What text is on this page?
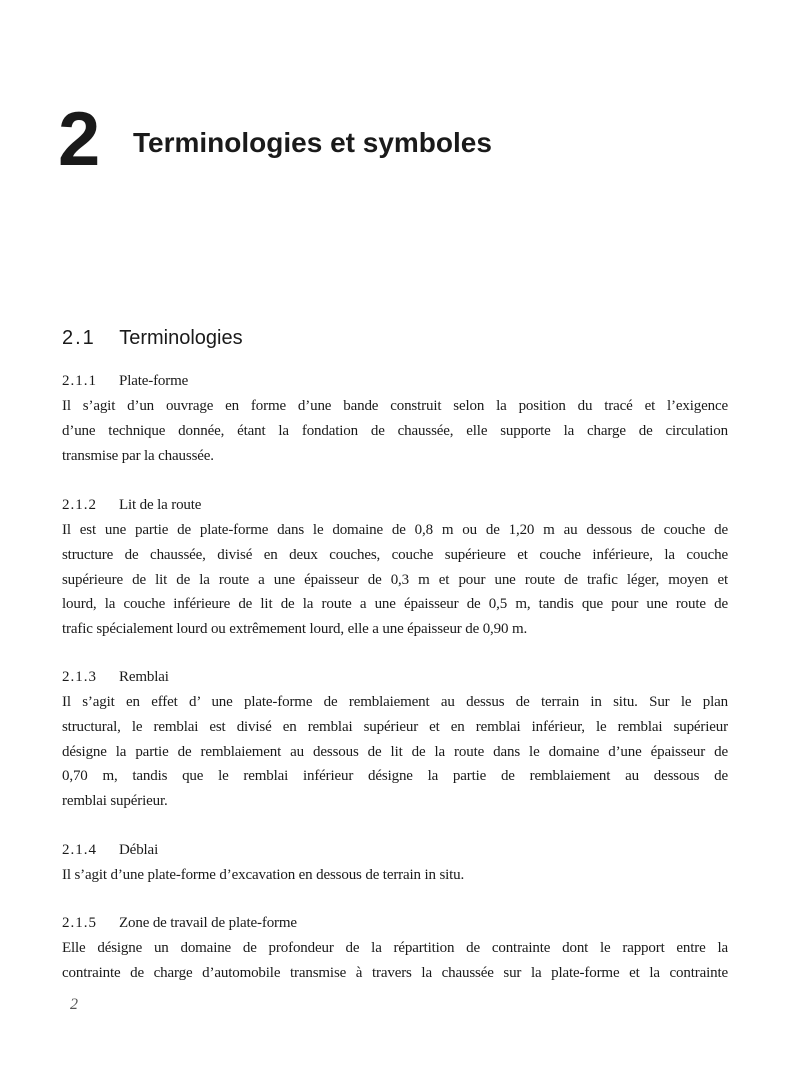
2 Terminologies et symboles
2.1 Terminologies
2.1.1 Plate-forme
Il s’agit d’un ouvrage en forme d’une bande construit selon la position du tracé et l’exigence
d’une technique donnée, étant la fondation de chaussée, elle supporte la charge de circulation
transmise par la chaussée.
2.1.2 Lit de la route
Il est une partie de plate-forme dans le domaine de 0,8 m ou de 1,20 m au dessous de couche de
structure de chaussée, divisé en deux couches, couche supérieure et couche inférieure, la couche
supérieure de lit de la route a une épaisseur de 0,3 m et pour une route de trafic léger, moyen et
lourd, la couche inférieure de lit de la route a une épaisseur de 0,5 m, tandis que pour une route de
trafic spécialement lourd ou extrêmement lourd, elle a une épaisseur de 0,90 m.
2.1.3 Remblai
Il s’agit en effet d’ une plate-forme de remblaiement au dessus de terrain in situ. Sur le plan
structural, le remblai est divisé en remblai supérieur et en remblai inférieur, le remblai supérieur
désigne la partie de remblaiement au dessous de lit de la route dans le domaine d’une épaisseur de
0,70 m, tandis que le remblai inférieur désigne la partie de remblaiement au dessous de
remblai supérieur.
2.1.4 Déblai
Il s’agit d’une plate-forme d’excavation en dessous de terrain in situ.
2.1.5 Zone de travail de plate-forme
Elle désigne un domaine de profondeur de la répartition de contrainte dont le rapport entre la
contrainte de charge d’automobile transmise à travers la chaussée sur la plate-forme et la contrainte
2
